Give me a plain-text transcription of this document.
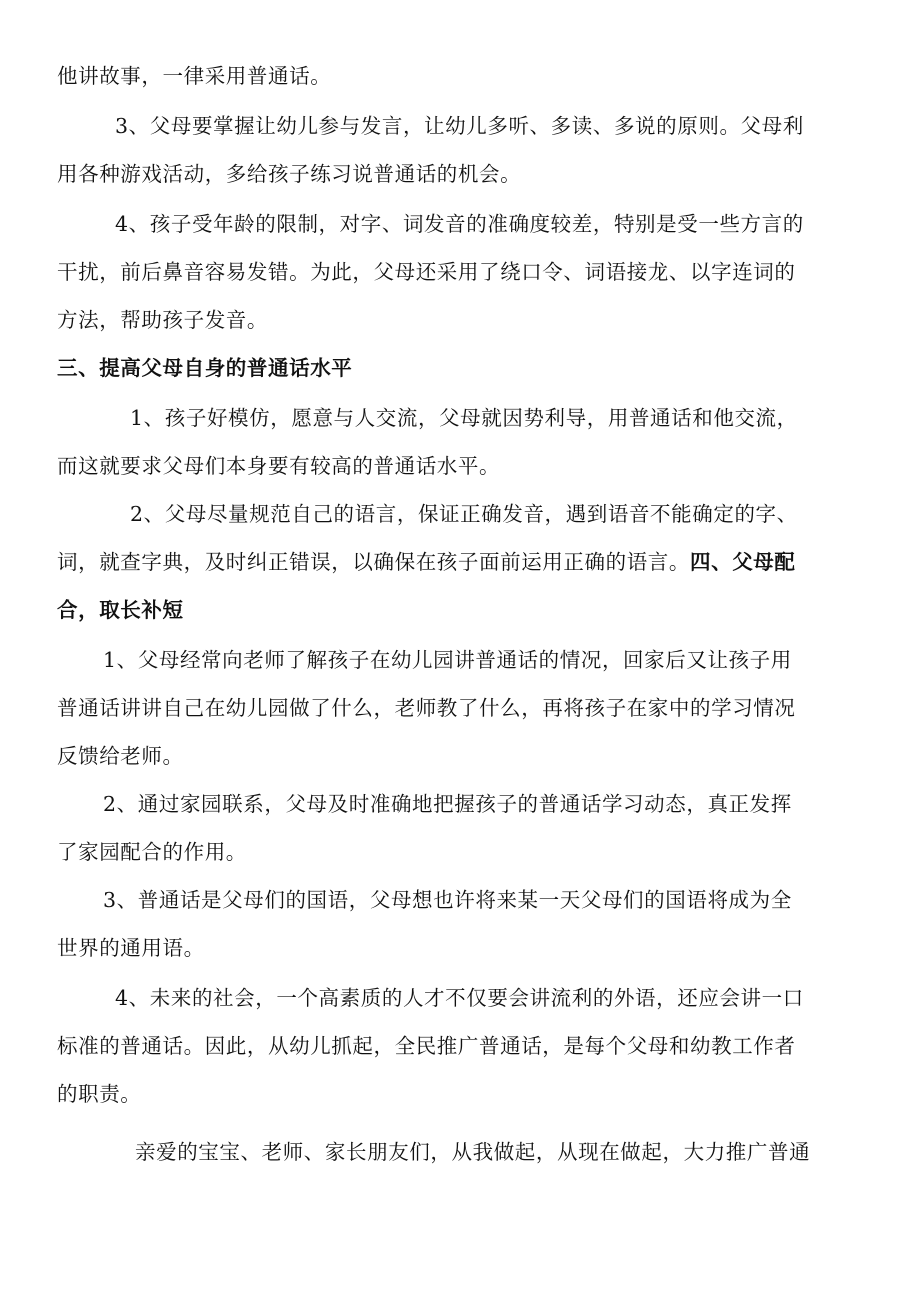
他讲故事，一律采用普通话。

3、父母要掌握让幼儿参与发言，让幼儿多听、多读、多说的原则。父母利

用各种游戏活动，多给孩子练习说普通话的机会。

4、孩子受年龄的限制，对字、词发音的准确度较差，特别是受一些方言的

干扰，前后鼻音容易发错。为此，父母还采用了绕口令、词语接龙、以字连词的

方法，帮助孩子发音。

三、提高父母自身的普通话水平

1、孩子好模仿，愿意与人交流，父母就因势利导，用普通话和他交流，

而这就要求父母们本身要有较高的普通话水平。

2、父母尽量规范自己的语言，保证正确发音，遇到语音不能确定的字、

词，就查字典，及时纠正错误，以确保在孩子面前运用正确的语言。四、父母配

合，取长补短

1、父母经常向老师了解孩子在幼儿园讲普通话的情况，回家后又让孩子用

普通话讲讲自己在幼儿园做了什么，老师教了什么，再将孩子在家中的学习情况

反馈给老师。

2、通过家园联系，父母及时准确地把握孩子的普通话学习动态，真正发挥

了家园配合的作用。

3、普通话是父母们的国语，父母想也许将来某一天父母们的国语将成为全

世界的通用语。

4、未来的社会，一个高素质的人才不仅要会讲流利的外语，还应会讲一口

标准的普通话。因此，从幼儿抓起，全民推广普通话，是每个父母和幼教工作者

的职责。

亲爱的宝宝、老师、家长朋友们，从我做起，从现在做起，大力推广普通
